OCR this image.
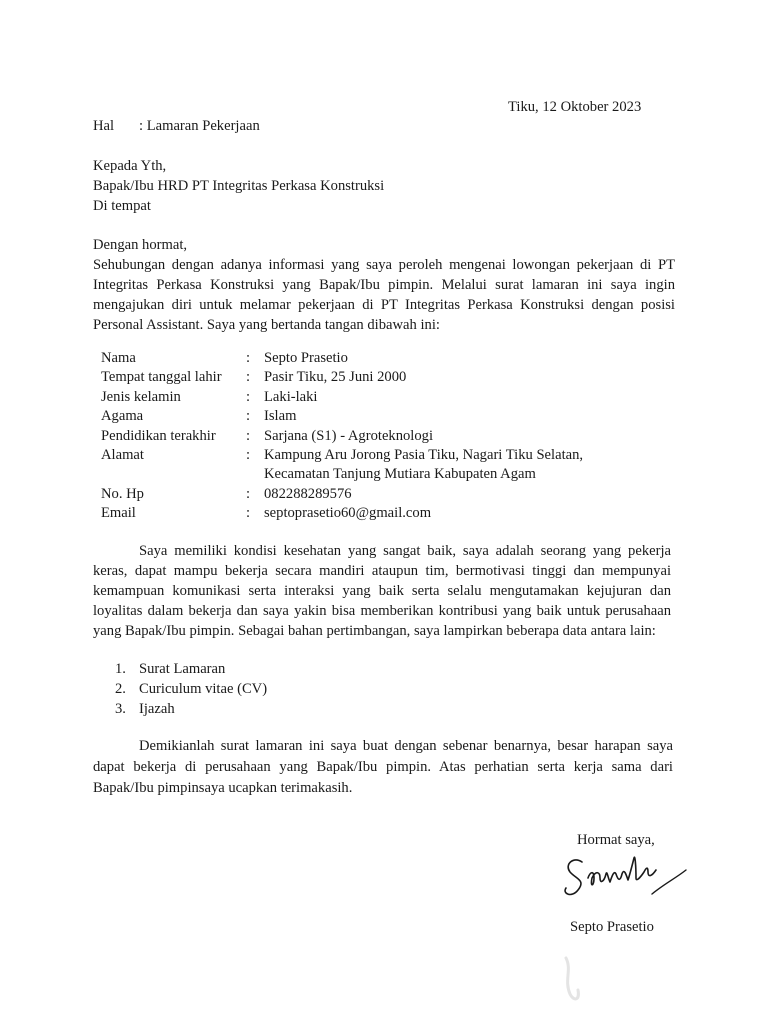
Tiku, 12 Oktober 2023
Hal : Lamaran Pekerjaan
Kepada Yth,
Bapak/Ibu HRD PT Integritas Perkasa Konstruksi
Di tempat
Dengan hormat,
Sehubungan dengan adanya informasi yang saya peroleh mengenai lowongan pekerjaan di PT Integritas Perkasa Konstruksi yang Bapak/Ibu pimpin. Melalui surat lamaran ini saya ingin mengajukan diri untuk melamar pekerjaan di PT Integritas Perkasa Konstruksi dengan posisi Personal Assistant. Saya yang bertanda tangan dibawah ini:
Nama	:	Septo Prasetio
Tempat tanggal lahir	:	Pasir Tiku, 25 Juni 2000
Jenis kelamin	:	Laki-laki
Agama	:	Islam
Pendidikan terakhir	:	Sarjana (S1) - Agroteknologi
Alamat	:	Kampung Aru Jorong Pasia Tiku, Nagari Tiku Selatan,
Kecamatan Tanjung Mutiara Kabupaten Agam

No. Hp	:	082288289576
Email	:	septoprasetio60@gmail.com
Saya memiliki kondisi kesehatan yang sangat baik, saya adalah seorang yang pekerja keras, dapat mampu bekerja secara mandiri ataupun tim, bermotivasi tinggi dan mempunyai kemampuan komunikasi serta interaksi yang baik serta selalu mengutamakan kejujuran dan loyalitas dalam bekerja dan saya yakin bisa memberikan kontribusi yang baik untuk perusahaan yang Bapak/Ibu pimpin. Sebagai bahan pertimbangan, saya lampirkan beberapa data antara lain:
1. Surat Lamaran
2. Curiculum vitae (CV)
3. Ijazah
Demikianlah surat lamaran ini saya buat dengan sebenar benarnya, besar harapan saya dapat bekerja di perusahaan yang Bapak/Ibu pimpin. Atas perhatian serta kerja sama dari Bapak/Ibu pimpinsaya ucapkan terimakasih.
Hormat saya,
Septo Prasetio
